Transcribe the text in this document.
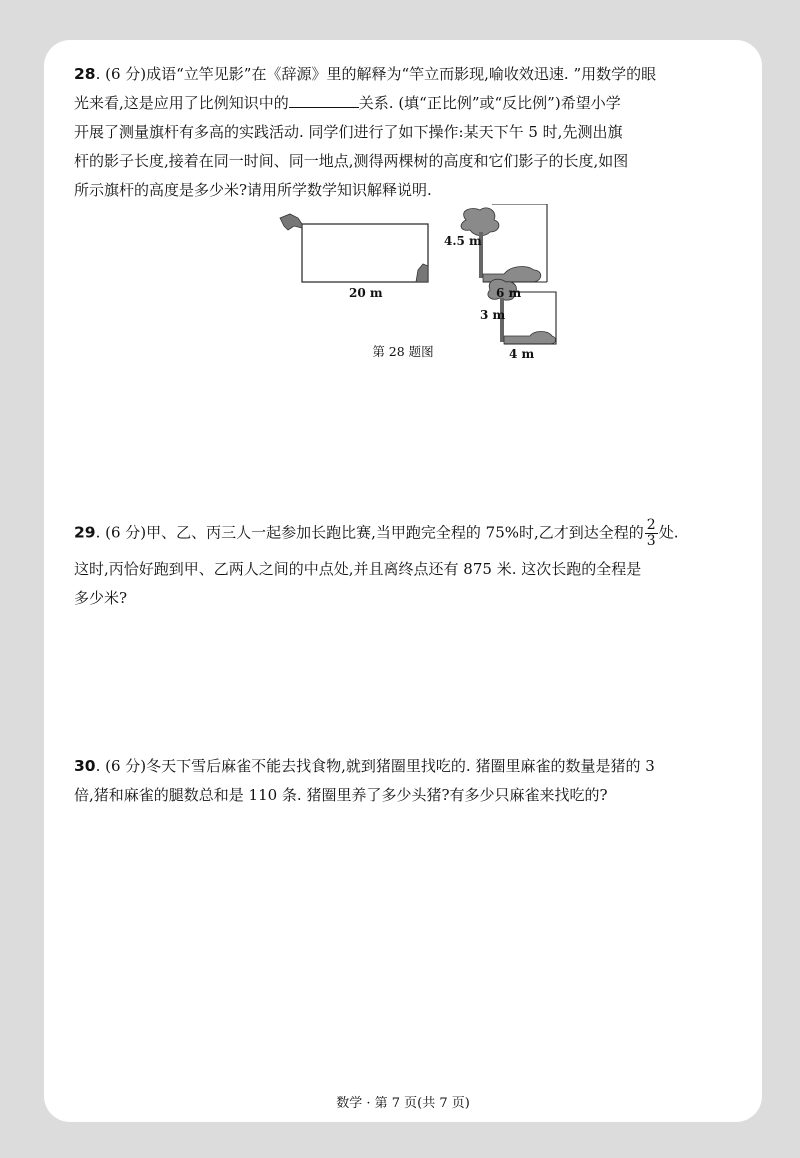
28. (6 分)成语“立竿见影”在《辞源》里的解释为“竿立而影现,喻收效迅速. ”用数学的眼
光来看,这是应用了比例知识中的	关系. (填“正比例”或“反比例”)希望小学
开展了测量旗杆有多高的实践活动. 同学们进行了如下操作:某天下午 5 时,先测出旗
杆的影子长度,接着在同一时间、同一地点,测得两棵树的高度和它们影子的长度,如图
所示旗杆的高度是多少米?请用所学数学知识解释说明.
20 m
4.5 m
6 m
3 m
4 m
第 28 题图
29. (6 分)甲、乙、丙三人一起参加长跑比赛,当甲跑完全程的 75%时,乙才到达全程的 $\frac{2}{3}$ 处.
这时,丙恰好跑到甲、乙两人之间的中点处,并且离终点还有 875 米. 这次长跑的全程是
多少米?
30. (6 分)冬天下雪后麻雀不能去找食物,就到猪圈里找吃的. 猪圈里麻雀的数量是猪的 3
倍,猪和麻雀的腿数总和是 110 条. 猪圈里养了多少头猪?有多少只麻雀来找吃的?
数学 · 第 7 页(共 7 页)
